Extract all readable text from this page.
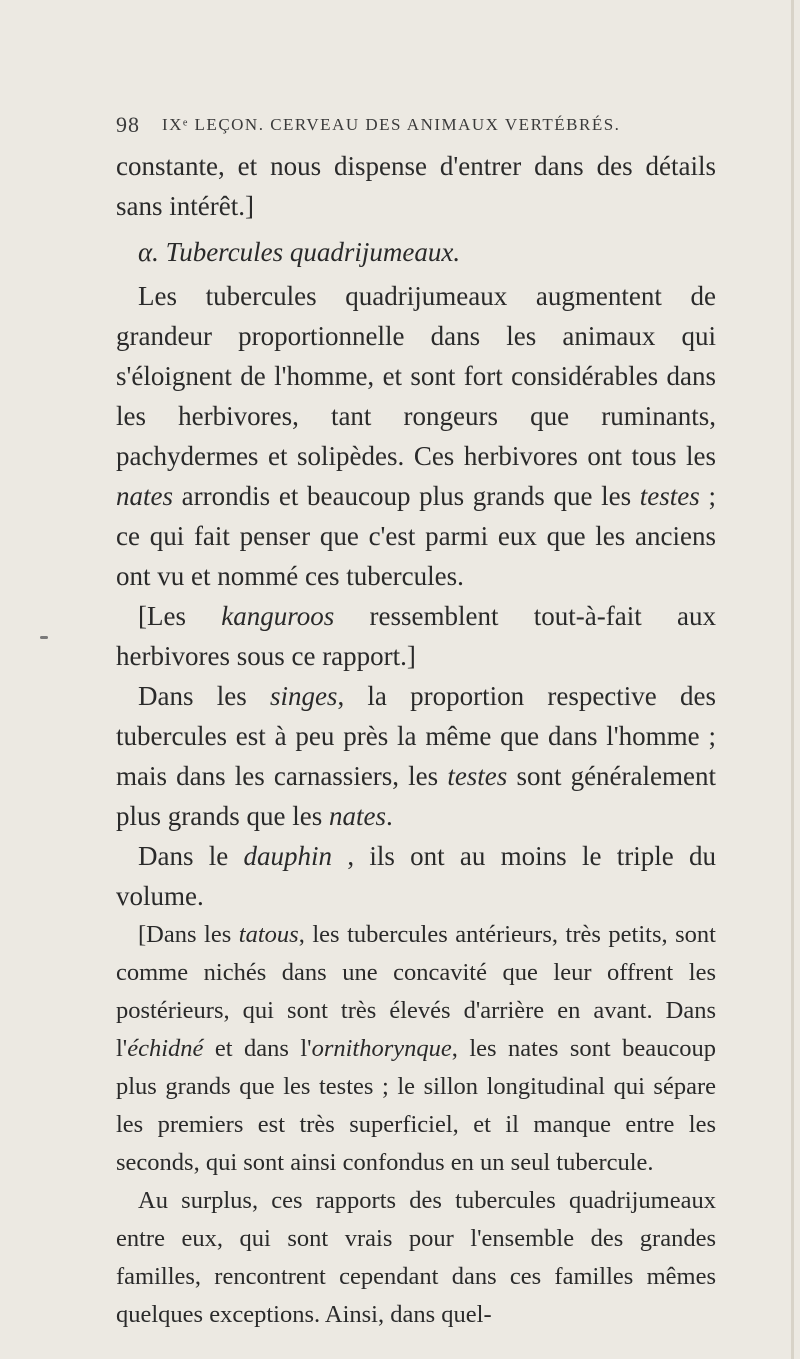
98 IXᵉ LEÇON. CERVEAU DES ANIMAUX VERTÉBRÉS.

constante, et nous dispense d'entrer dans des détails sans intérêt.]

α. Tubercules quadrijumeaux.

Les tubercules quadrijumeaux augmentent de grandeur proportionnelle dans les animaux qui s'éloignent de l'homme, et sont fort considérables dans les herbivores, tant rongeurs que ruminants, pachydermes et solipèdes. Ces herbivores ont tous les nates arrondis et beaucoup plus grands que les testes ; ce qui fait penser que c'est parmi eux que les anciens ont vu et nommé ces tubercules.

[Les kanguroos ressemblent tout-à-fait aux herbivores sous ce rapport.]

Dans les singes, la proportion respective des tubercules est à peu près la même que dans l'homme ; mais dans les carnassiers, les testes sont généralement plus grands que les nates.

Dans le dauphin , ils ont au moins le triple du volume.

[Dans les tatous, les tubercules antérieurs, très petits, sont comme nichés dans une concavité que leur offrent les postérieurs, qui sont très élevés d'arrière en avant. Dans l'échidné et dans l'ornithorynque, les nates sont beaucoup plus grands que les testes ; le sillon longitudinal qui sépare les premiers est très superficiel, et il manque entre les seconds, qui sont ainsi confondus en un seul tubercule.

Au surplus, ces rapports des tubercules quadrijumeaux entre eux, qui sont vrais pour l'ensemble des grandes familles, rencontrent cependant dans ces familles mêmes quelques exceptions. Ainsi, dans quel-
